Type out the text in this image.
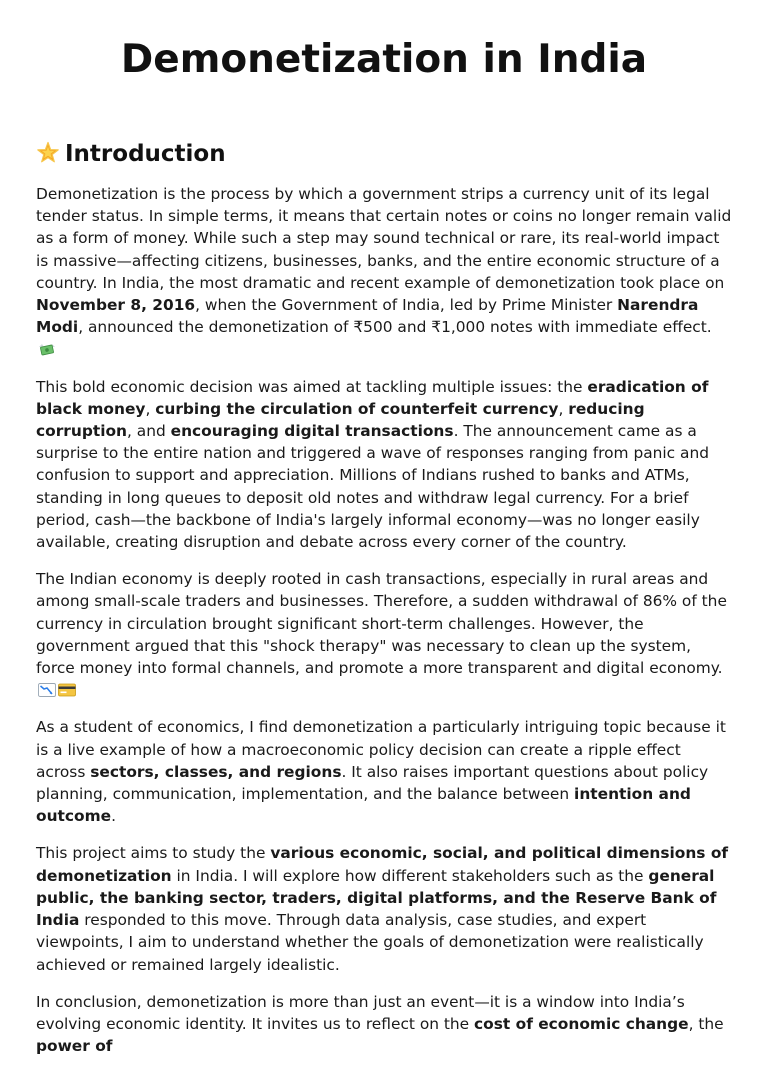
Demonetization in India
Introduction

Demonetization is the process by which a government strips a currency unit of its legal tender status. In simple terms, it means that certain notes or coins no longer remain valid as a form of money. While such a step may sound technical or rare, its real-world impact is massive—affecting citizens, businesses, banks, and the entire economic structure of a country. In India, the most dramatic and recent example of demonetization took place on November 8, 2016, when the Government of India, led by Prime Minister Narendra Modi, announced the demonetization of ₹500 and ₹1,000 notes with immediate effect.

This bold economic decision was aimed at tackling multiple issues: the eradication of black money, curbing the circulation of counterfeit currency, reducing corruption, and encouraging digital transactions. The announcement came as a surprise to the entire nation and triggered a wave of responses ranging from panic and confusion to support and appreciation. Millions of Indians rushed to banks and ATMs, standing in long queues to deposit old notes and withdraw legal currency. For a brief period, cash—the backbone of India's largely informal economy—was no longer easily available, creating disruption and debate across every corner of the country.

The Indian economy is deeply rooted in cash transactions, especially in rural areas and among small-scale traders and businesses. Therefore, a sudden withdrawal of 86% of the currency in circulation brought significant short-term challenges. However, the government argued that this "shock therapy" was necessary to clean up the system, force money into formal channels, and promote a more transparent and digital economy.

As a student of economics, I find demonetization a particularly intriguing topic because it is a live example of how a macroeconomic policy decision can create a ripple effect across sectors, classes, and regions. It also raises important questions about policy planning, communication, implementation, and the balance between intention and outcome.

This project aims to study the various economic, social, and political dimensions of demonetization in India. I will explore how different stakeholders such as the general public, the banking sector, traders, digital platforms, and the Reserve Bank of India responded to this move. Through data analysis, case studies, and expert viewpoints, I aim to understand whether the goals of demonetization were realistically achieved or remained largely idealistic.

In conclusion, demonetization is more than just an event—it is a window into India’s evolving economic identity. It invites us to reflect on the cost of economic change, the power of
